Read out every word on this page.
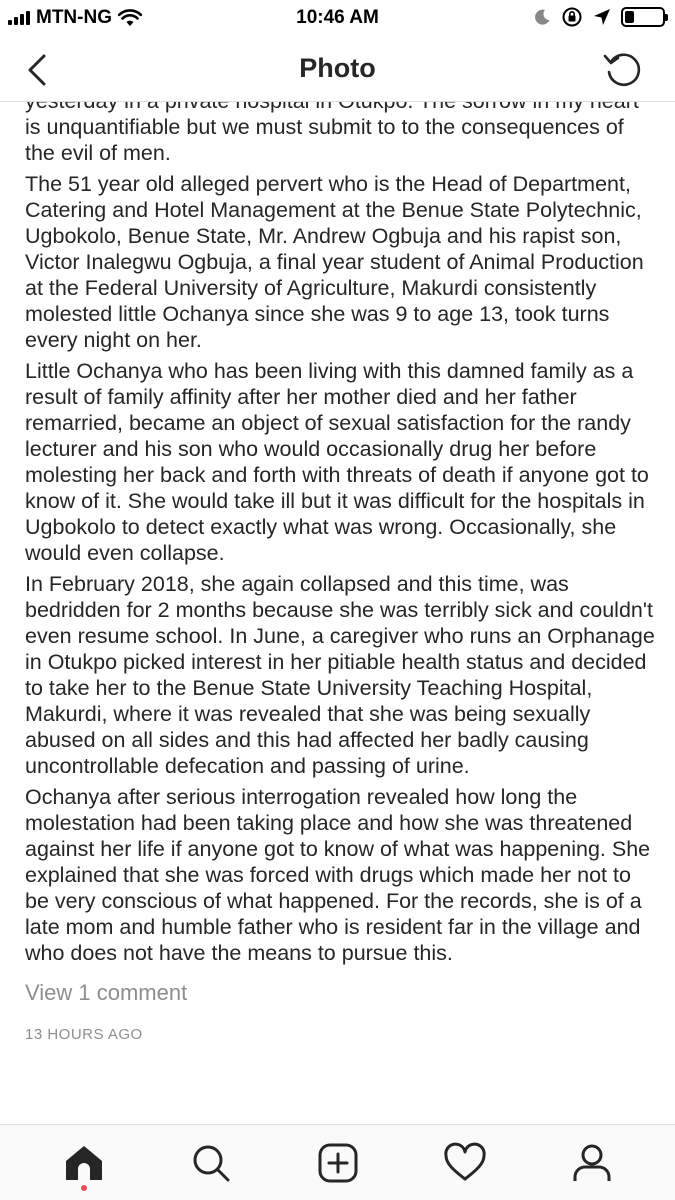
MTN-NG	10:46 AM
Photo

is unquantifiable but we must submit to to the consequences of the evil of men.

The 51 year old alleged pervert who is the Head of Department, Catering and Hotel Management at the Benue State Polytechnic, Ugbokolo, Benue State, Mr. Andrew Ogbuja and his rapist son, Victor Inalegwu Ogbuja, a final year student of Animal Production at the Federal University of Agriculture, Makurdi consistently molested little Ochanya since she was 9 to age 13, took turns every night on her.

Little Ochanya who has been living with this damned family as a result of family affinity after her mother died and her father remarried, became an object of sexual satisfaction for the randy lecturer and his son who would occasionally drug her before molesting her back and forth with threats of death if anyone got to know of it. She would take ill but it was difficult for the hospitals in Ugbokolo to detect exactly what was wrong. Occasionally, she would even collapse.

In February 2018, she again collapsed and this time, was bedridden for 2 months because she was terribly sick and couldn't even resume school. In June, a caregiver who runs an Orphanage in Otukpo picked interest in her pitiable health status and decided to take her to the Benue State University Teaching Hospital, Makurdi, where it was revealed that she was being sexually abused on all sides and this had affected her badly causing uncontrollable defecation and passing of urine.

Ochanya after serious interrogation revealed how long the molestation had been taking place and how she was threatened against her life if anyone got to know of what was happening. She explained that she was forced with drugs which made her not to be very conscious of what happened. For the records, she is of a late mom and humble father who is resident far in the village and who does not have the means to pursue this.

View 1 comment
13 HOURS AGO
